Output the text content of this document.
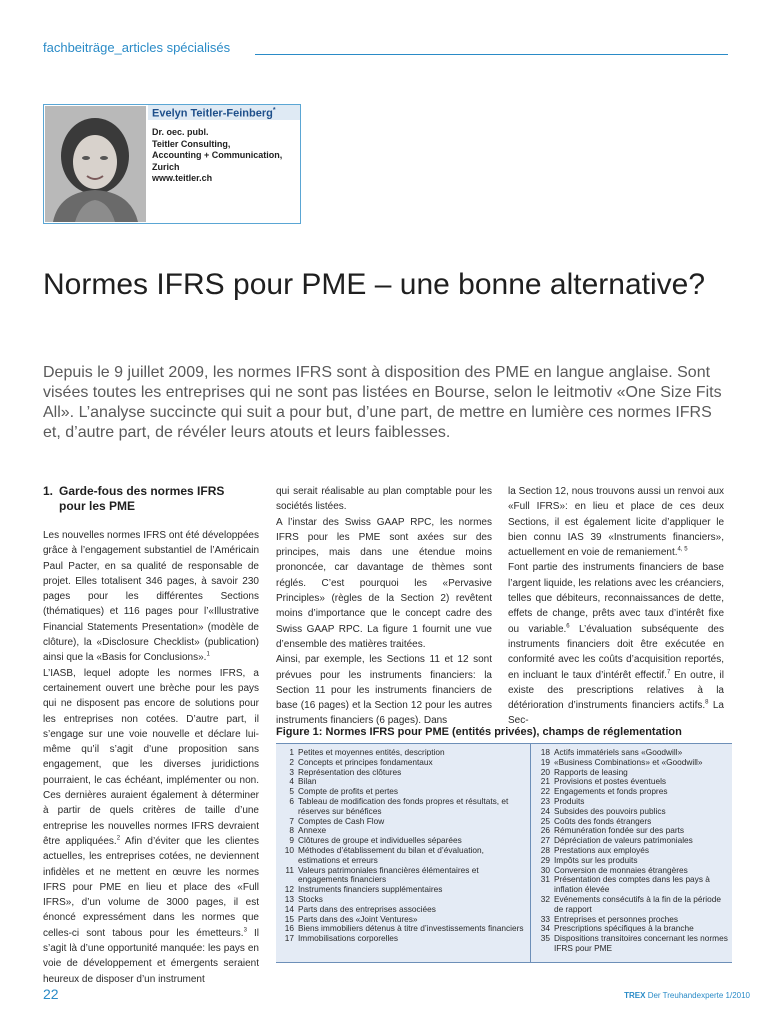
fachbeiträge_articles spécialisés
Evelyn Teitler-Feinberg*
Dr. oec. publ.
Teitler Consulting,
Accounting + Communication, Zurich
www.teitler.ch
Normes IFRS pour PME – une bonne alternative?
Depuis le 9 juillet 2009, les normes IFRS sont à disposition des PME en langue anglaise. Sont visées toutes les entreprises qui ne sont pas listées en Bourse, selon le leitmotiv «One Size Fits All». L’analyse succincte qui suit a pour but, d’une part, de mettre en lumière ces normes IFRS et, d’autre part, de révéler leurs atouts et leurs faiblesses.
1. Garde-fous des normes IFRS
pour les PME

Les nouvelles normes IFRS ont été développées grâce à l’engagement substantiel de l’Américain Paul Pacter, en sa qualité de responsable de projet. Elles totalisent 346 pages, à savoir 230 pages pour les différentes Sections (thématiques) et 116 pages pour l’«Illustrative Financial Statements Presentation» (modèle de clôture), la «Disclosure Checklist» (publication) ainsi que la «Basis for Conclusions».$^1$

L’IASB, lequel adopte les normes IFRS, a certainement ouvert une brèche pour les pays qui ne disposent pas encore de solutions pour les entreprises non cotées. D’autre part, il s’engage sur une voie nouvelle et déclare lui-même qu’il s’agit d’une proposition sans engagement, que les diverses juridictions pourraient, le cas échéant, implémenter ou non. Ces dernières auraient également à déterminer à partir de quels critères de taille d’une entreprise les nouvelles normes IFRS devraient être appliquées.$^2$ Afin d’éviter que les clientes actuelles, les entreprises cotées, ne deviennent infidèles et ne mettent en œuvre les normes IFRS pour PME en lieu et place des «Full IFRS», d’un volume de 3000 pages, il est énoncé expressément dans les normes que celles-ci sont tabous pour les émetteurs.$^3$ Il s’agit là d’une opportunité manquée: les pays en voie de développement et émergents seraient heureux de disposer d’un instrument

qui serait réalisable au plan comptable pour les sociétés listées.

A l’instar des Swiss GAAP RPC, les normes IFRS pour les PME sont axées sur des principes, mais dans une étendue moins prononcée, car davantage de thèmes sont réglés. C’est pourquoi les «Pervasive Principles» (règles de la Section 2) revêtent moins d’importance que le concept cadre des Swiss GAAP RPC. La figure 1 fournit une vue d’ensemble des matières traitées.

Ainsi, par exemple, les Sections 11 et 12 sont prévues pour les instruments financiers: la Section 11 pour les instruments financiers de base (16 pages) et la Section 12 pour les autres instruments financiers (6 pages). Dans

la Section 12, nous trouvons aussi un renvoi aux «Full IFRS»: en lieu et place de ces deux Sections, il est également licite d’appliquer le bien connu IAS 39 «Instruments financiers», actuellement en voie de remaniement.$^{4, 5}$

Font partie des instruments financiers de base l’argent liquide, les relations avec les créanciers, telles que débiteurs, reconnaissances de dette, effets de change, prêts avec taux d’intérêt fixe ou variable.$^6$ L’évaluation subséquente des instruments financiers doit être exécutée en conformité avec les coûts d’acquisition reportés, en incluant le taux d’intérêt effectif.$^7$ En outre, il existe des prescriptions relatives à la détérioration d’instruments financiers actifs.$^8$ La Sec-

Figure 1: Normes IFRS pour PME (entités privées), champs de réglementation
1 Petites et moyennes entités, description
2 Concepts et principes fondamentaux
3 Représentation des clôtures
4 Bilan
5 Compte de profits et pertes
6 Tableau de modification des fonds propres et résultats, et réserves sur bénéfices
7 Comptes de Cash Flow
8 Annexe
9 Clôtures de groupe et individuelles séparées
10 Méthodes d’établissement du bilan et d’évaluation, estimations et erreurs
11 Valeurs patrimoniales financières élémentaires et engagements financiers
12 Instruments financiers supplémentaires
13 Stocks
14 Parts dans des entreprises associées
15 Parts dans des «Joint Ventures»
16 Biens immobiliers détenus à titre d’investissements financiers
17 Immobilisations corporelles
18 Actifs immatériels sans «Goodwill»
19 «Business Combinations» et «Goodwill»
20 Rapports de leasing
21 Provisions et postes éventuels
22 Engagements et fonds propres
23 Produits
24 Subsides des pouvoirs publics
25 Coûts des fonds étrangers
26 Rémunération fondée sur des parts
27 Dépréciation de valeurs patrimoniales
28 Prestations aux employés
29 Impôts sur les produits
30 Conversion de monnaies étrangères
31 Présentation des comptes dans les pays à inflation élevée
32 Evénements consécutifs à la fin de la période de rapport
33 Entreprises et personnes proches
34 Prescriptions spécifiques à la branche
35 Dispositions transitoires concernant les normes IFRS pour PME
22	TREX Der Treuhandexperte 1/2010
